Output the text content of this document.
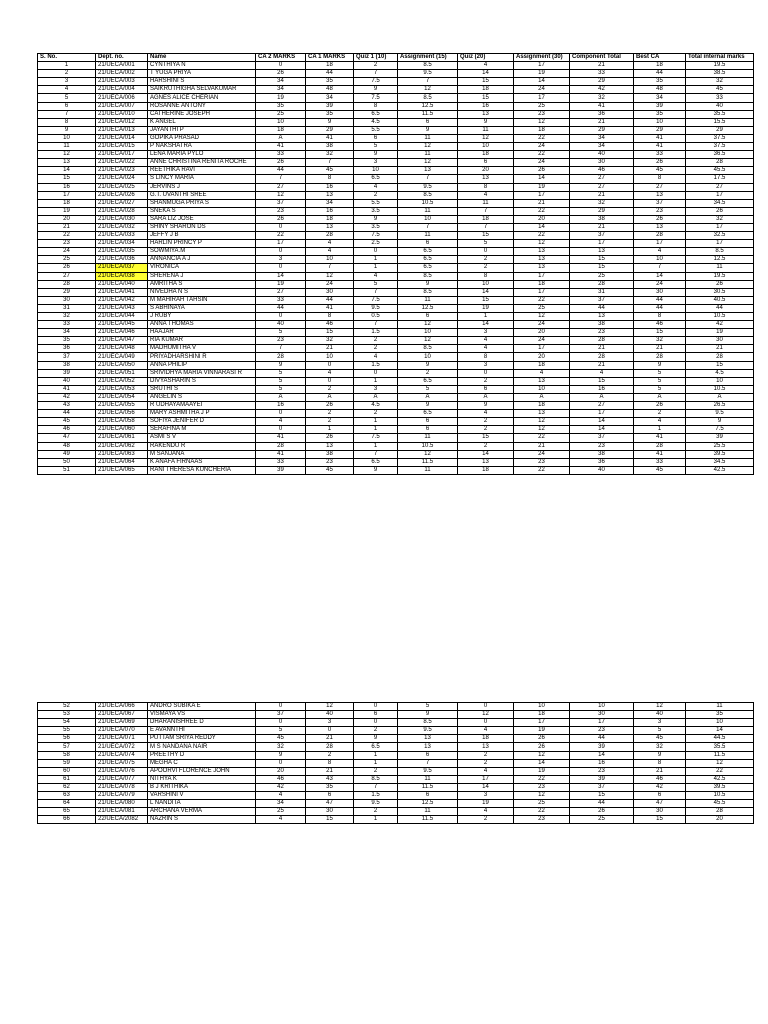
S. No.	Dept. no.	Name	CA 2 MARKS	CA 1 MARKS	Quiz 1 (10)	Assignment (15)	Quiz (20)	Assignment (30)	Component Total	Best CA	Total internal marks
1	21/UECA/001	CYNTHIYA N	0	18	2	8.5	4	17	21	18	19.5
2	21/UECA/002	T YUGA PRIYA	26	44	7	9.5	14	19	33	44	38.5
3	21/UECA/003	HARSHINI S	34	35	7.5	7	15	14	29	35	32
4	21/UECA/004	SAIKRUTHIGHA SELVAKUMAR	34	48	9	12	18	24	42	48	45
5	21/UECA/006	AGNES ALICE CHERIAN	19	34	7.5	8.5	15	17	32	34	33
6	21/UECA/007	ROSANNE ANTONY	35	39	8	12.5	16	25	41	39	40
7	21/UECA/010	CATHERINE JOSEPH	25	35	6.5	11.5	13	23	36	35	35.5
8	21/UECA/012	K ANGEL	10	9	4.5	6	9	12	21	10	15.5
9	21/UECA/013	JAYANTHI P	18	29	5.5	9	11	18	29	29	29
10	21/UECA/014	GOPIKA PRASAD	A	41	6	11	12	22	34	41	37.5
11	21/UECA/015	P NAKSHATRA	41	38	5	12	10	24	34	41	37.5
12	21/UECA/017	LENA MARIA PYLO	33	32	9	11	18	22	40	33	36.5
13	21/UECA/022	ANNE CHRISTINA RENITA ROCHE	26	7	3	12	6	24	30	26	28
14	21/UECA/023	REETHIKA RAVI	44	45	10	13	20	26	46	45	45.5
15	21/UECA/024	S LINCY MARIA	7	8	6.5	7	13	14	27	8	17.5
16	21/UECA/025	JERVINS J	27	16	4	9.5	8	19	27	27	27
17	21/UECA/026	G.T. UVANTHI SREE	12	13	2	8.5	4	17	21	13	17
18	21/UECA/027	SHANMUGA PRIYA S	37	34	5.5	10.5	11	21	32	37	34.5
19	21/UECA/028	SNEKA S	23	16	3.5	11	7	22	29	23	26
20	21/UECA/030	SARA LIZ JOSE	26	18	9	10	18	20	38	26	32
21	21/UECA/032	SHINY SHARON DS	0	13	3.5	7	7	14	21	13	17
22	21/UECA/033	JEFFY J B	22	28	7.5	11	15	22	37	28	32.5
23	21/UECA/034	HARLIN PRINCY P	17	4	2.5	6	5	12	17	17	17
24	21/UECA/035	SOWMIYA.M	0	4	0	6.5	0	13	13	4	8.5
25	21/UECA/036	ANNANCIA A J	3	10	1	6.5	2	13	15	10	12.5
26	21/UECA/037	VIRONICA	0	7	1	6.5	2	13	15	7	11
27	21/UECA/038	SHERENA J	14	12	4	8.5	8	17	25	14	19.5
28	21/UECA/040	AMRITHA S	19	24	5	9	10	18	28	24	26
29	21/UECA/041	NIVEDHA N S	27	30	7	8.5	14	17	31	30	30.5
30	21/UECA/042	M MAHIRAH TAHSIN	33	44	7.5	11	15	22	37	44	40.5
31	21/UECA/043	S ABHINAYA	44	41	9.5	12.5	19	25	44	44	44
32	21/UECA/044	J RUBY	0	8	0.5	6	1	12	13	8	10.5
33	21/UECA/045	ANNA THOMAS	40	46	7	12	14	24	38	46	42
34	21/UECA/046	HAAJAR	5	15	1.5	10	3	20	23	15	19
35	21/UECA/047	RIA KUMAR	23	32	2	12	4	24	28	32	30
36	21/UECA/048	MADHUMITHA V	7	21	2	8.5	4	17	21	21	21
37	21/UECA/049	PRIYADHARSHINI R	28	10	4	10	8	20	28	28	28
38	21/UECA/050	ANNA PHILIP	9	0	1.5	9	3	18	21	9	15
39	21/UECA/051	SRIVIDHYA MARIA VINNARASI R	5	4	0	2	0	4	4	5	4.5
40	21/UECA/052	DIVYASHARIN S	5	0	1	6.5	2	13	15	5	10
41	21/UECA/053	SRUTHI S	5	2	3	5	6	10	16	5	10.5
42	21/UECA/054	ANGELIN S	A	A	A	A	A	A	A	A	A
43	21/UECA/055	R UDHAYAMAAYEI	16	26	4.5	9	9	18	27	26	26.5
44	21/UECA/056	MARY ASHMITHA J P	0	2	2	6.5	4	13	17	2	9.5
45	21/UECA/058	SOFIYA JENIFER D	4	2	1	6	2	12	14	4	9
46	21/UECA/060	SERAFINA M	0	1	1	6	2	12	14	1	7.5
47	21/UECA/061	ASMI S V	41	26	7.5	11	15	22	37	41	39
48	21/UECA/062	RAKENDU R	28	13	1	10.5	2	21	23	28	25.5
49	21/UECA/063	M SANJANA	41	38	7	12	14	24	38	41	39.5
50	21/UECA/064	K ANAFA FIRNAAS	33	23	6.5	11.5	13	23	36	33	34.5
51	21/UECA/065	RANI THERESA KUNCHERIA	39	45	9	11	18	22	40	45	42.5
52	21/UECA/066	ANDRO SUBIKA E	0	12	0	5	0	10	10	12	11
53	21/UECA/067	VISMAYA VS	37	40	6	9	12	18	30	40	35
54	21/UECA/069	DHARANISHREE D	0	3	0	8.5	0	17	17	3	10
55	21/UECA/070	E AVANNTHI	5	0	2	9.5	4	19	23	5	14
56	21/UECA/071	PUTTAM SRIYA REDDY	45	21	9	13	18	26	44	45	44.5
57	21/UECA/072	M S NANDANA NAIR	32	28	6.5	13	13	26	39	32	35.5
58	21/UECA/074	PREETHY D	9	2	1	6	2	12	14	9	11.5
59	21/UECA/075	MEGHA C	0	8	1	7	2	14	16	8	12
60	21/UECA/076	APOORVI FLORENCE JOHN	20	21	2	9.5	4	19	23	21	22
61	21/UECA/077	NITHYA K	46	43	8.5	11	17	22	39	46	42.5
62	21/UECA/078	B J KRITHIKA	42	35	7	11.5	14	23	37	42	39.5
63	21/UECA/079	VARSHINI V	4	6	1.5	6	3	12	15	6	10.5
64	21/UECA/080	L NANDITA	34	47	9.5	12.5	19	25	44	47	45.5
65	21/UECA/081	ARCHANA VERMA	25	30	2	11	4	22	26	30	28
66	22/UECA/2082	NAZRIN S	4	15	1	11.5	2	23	25	15	20
